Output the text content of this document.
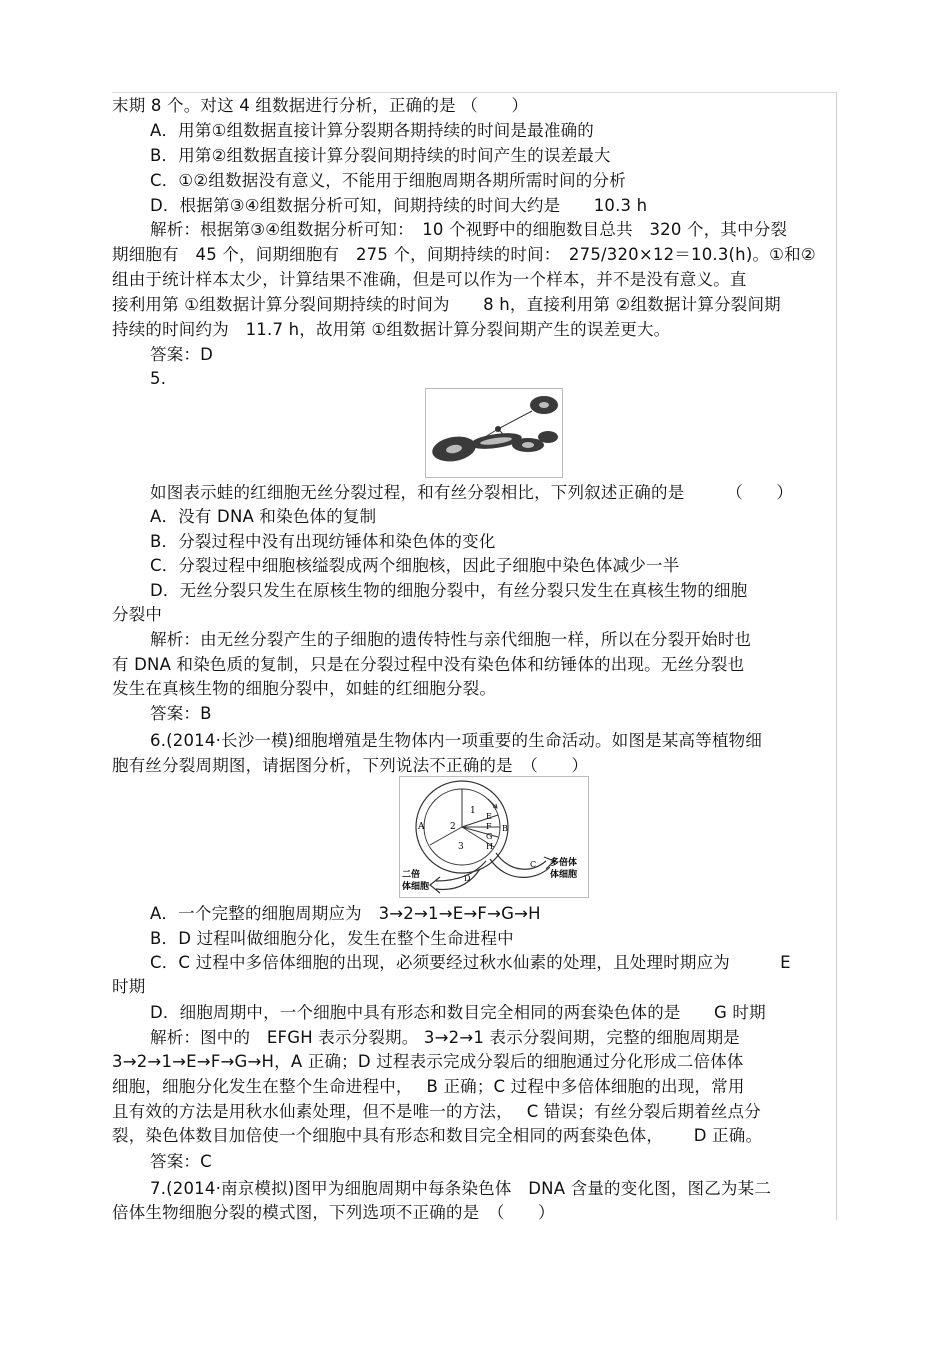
末期 8 个。对这 4 组数据进行分析，正确的是 （　　）
A．用第①组数据直接计算分裂期各期持续的时间是最准确的
B．用第②组数据直接计算分裂间期持续的时间产生的误差最大
C．①②组数据没有意义，不能用于细胞周期各期所需时间的分析
D．根据第③④组数据分析可知，间期持续的时间大约是　　10.3 h
解析：根据第③④组数据分析可知：　10 个视野中的细胞数目总共　320 个，其中分裂
期细胞有　45 个，间期细胞有　275 个，间期持续的时间：　275/320×12＝10.3(h)。①和②
组由于统计样本太少，计算结果不准确，但是可以作为一个样本，并不是没有意义。直
接利用第 ①组数据计算分裂间期持续的时间为　　8 h，直接利用第 ②组数据计算分裂间期
持续的时间约为　11.7 h，故用第 ①组数据计算分裂间期产生的误差更大。
答案：D
5.
如图表示蛙的红细胞无丝分裂过程，和有丝分裂相比，下列叙述正确的是　　　（　　）
A．没有 DNA 和染色体的复制
B．分裂过程中没有出现纺锤体和染色体的变化
C．分裂过程中细胞核缢裂成两个细胞核，因此子细胞中染色体减少一半
D．无丝分裂只发生在原核生物的细胞分裂中，有丝分裂只发生在真核生物的细胞
分裂中
解析：由无丝分裂产生的子细胞的遗传特性与亲代细胞一样，所以在分裂开始时也
有 DNA 和染色质的复制，只是在分裂过程中没有染色体和纺锤体的出现。无丝分裂也
发生在真核生物的细胞分裂中，如蛙的红细胞分裂。
答案：B
6.(2014·长沙一模)细胞增殖是生物体内一项重要的生命活动。如图是某高等植物细
胞有丝分裂周期图，请据图分析，下列说法不正确的是　（　　）
1
2
3
A	B
C
D
E
F
G
H
二倍
体细胞
多倍体
体细胞
A．一个完整的细胞周期应为　3→2→1→E→F→G→H
B．D 过程叫做细胞分化，发生在整个生命进程中
C．C 过程中多倍体细胞的出现，必须要经过秋水仙素的处理，且处理时期应为　　　E
时期
D．细胞周期中，一个细胞中具有形态和数目完全相同的两套染色体的是　　G 时期
解析：图中的　EFGH 表示分裂期。 3→2→1 表示分裂间期，完整的细胞周期是
3→2→1→E→F→G→H，A 正确；D 过程表示完成分裂后的细胞通过分化形成二倍体体
细胞，细胞分化发生在整个生命进程中，　 B 正确；C 过程中多倍体细胞的出现，常用
且有效的方法是用秋水仙素处理，但不是唯一的方法，　 C 错误；有丝分裂后期着丝点分
裂，染色体数目加倍使一个细胞中具有形态和数目完全相同的两套染色体，　　 D 正确。
答案：C
7.(2014·南京模拟)图甲为细胞周期中每条染色体　DNA 含量的变化图，图乙为某二
倍体生物细胞分裂的模式图，下列选项不正确的是　（　　）
